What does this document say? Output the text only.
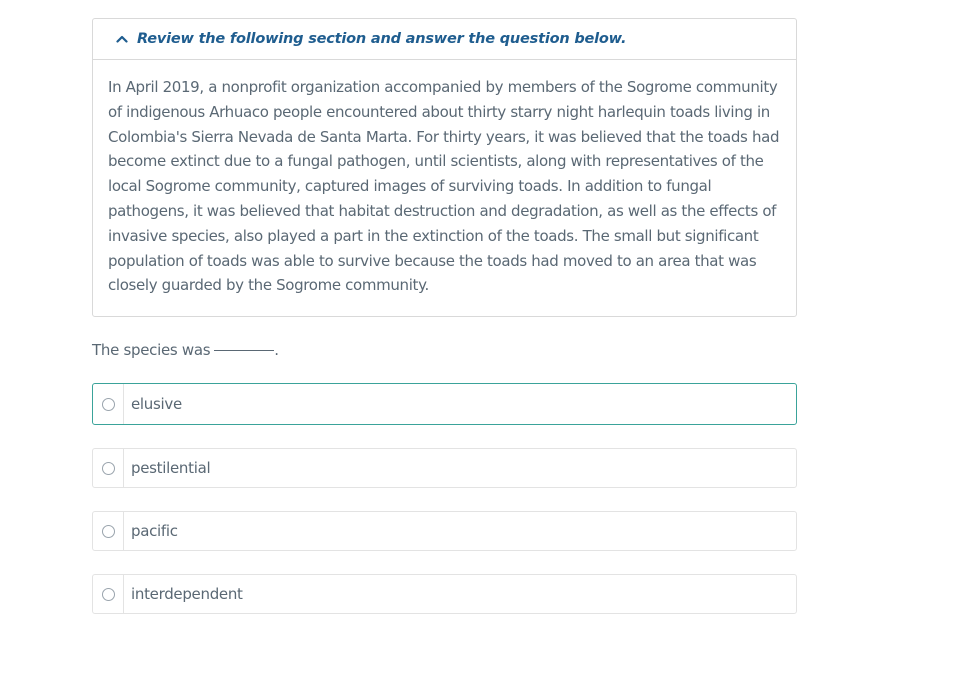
Review the following section and answer the question below.
In April 2019, a nonprofit organization accompanied by members of the Sogrome community of indigenous Arhuaco people encountered about thirty starry night harlequin toads living in Colombia's Sierra Nevada de Santa Marta. For thirty years, it was believed that the toads had become extinct due to a fungal pathogen, until scientists, along with representatives of the local Sogrome community, captured images of surviving toads. In addition to fungal pathogens, it was believed that habitat destruction and degradation, as well as the effects of invasive species, also played a part in the extinction of the toads. The small but significant population of toads was able to survive because the toads had moved to an area that was closely guarded by the Sogrome community.
The species was	.
elusive
pestilential
pacific
interdependent
